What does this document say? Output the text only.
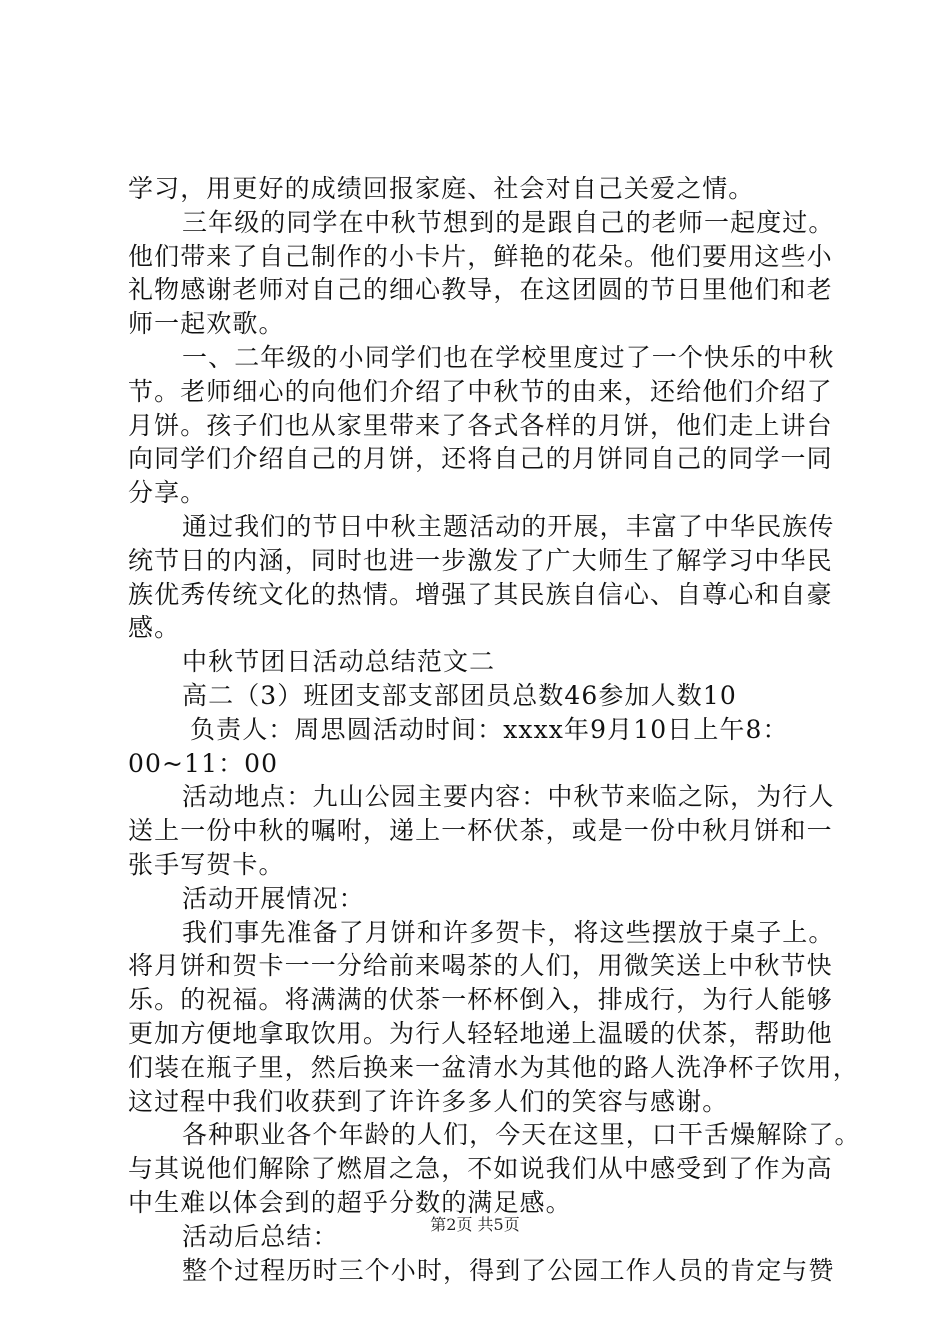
学习，用更好的成绩回报家庭、社会对自己关爱之情。
三年级的同学在中秋节想到的是跟自己的老师一起度过。
他们带来了自己制作的小卡片，鲜艳的花朵。他们要用这些小
礼物感谢老师对自己的细心教导，在这团圆的节日里他们和老
师一起欢歌。
一、二年级的小同学们也在学校里度过了一个快乐的中秋
节。老师细心的向他们介绍了中秋节的由来，还给他们介绍了
月饼。孩子们也从家里带来了各式各样的月饼，他们走上讲台
向同学们介绍自己的月饼，还将自己的月饼同自己的同学一同
分享。
通过我们的节日中秋主题活动的开展，丰富了中华民族传
统节日的内涵，同时也进一步激发了广大师生了解学习中华民
族优秀传统文化的热情。增强了其民族自信心、自尊心和自豪
感。
中秋节团日活动总结范文二
高二（3）班团支部支部团员总数46参加人数10
负责人：周思圆活动时间：xxxx年9月10日上午8：
00~11：00
活动地点：九山公园主要内容：中秋节来临之际，为行人
送上一份中秋的嘱咐，递上一杯伏茶，或是一份中秋月饼和一
张手写贺卡。
活动开展情况：
我们事先准备了月饼和许多贺卡，将这些摆放于桌子上。
将月饼和贺卡一一分给前来喝茶的人们，用微笑送上中秋节快
乐。的祝福。将满满的伏茶一杯杯倒入，排成行，为行人能够
更加方便地拿取饮用。为行人轻轻地递上温暖的伏茶，帮助他
们装在瓶子里，然后换来一盆清水为其他的路人洗净杯子饮用，
这过程中我们收获到了许许多多人们的笑容与感谢。
各种职业各个年龄的人们，今天在这里，口干舌燥解除了。
与其说他们解除了燃眉之急，不如说我们从中感受到了作为高
中生难以体会到的超乎分数的满足感。
活动后总结：
整个过程历时三个小时，得到了公园工作人员的肯定与赞
第2页 共5页
